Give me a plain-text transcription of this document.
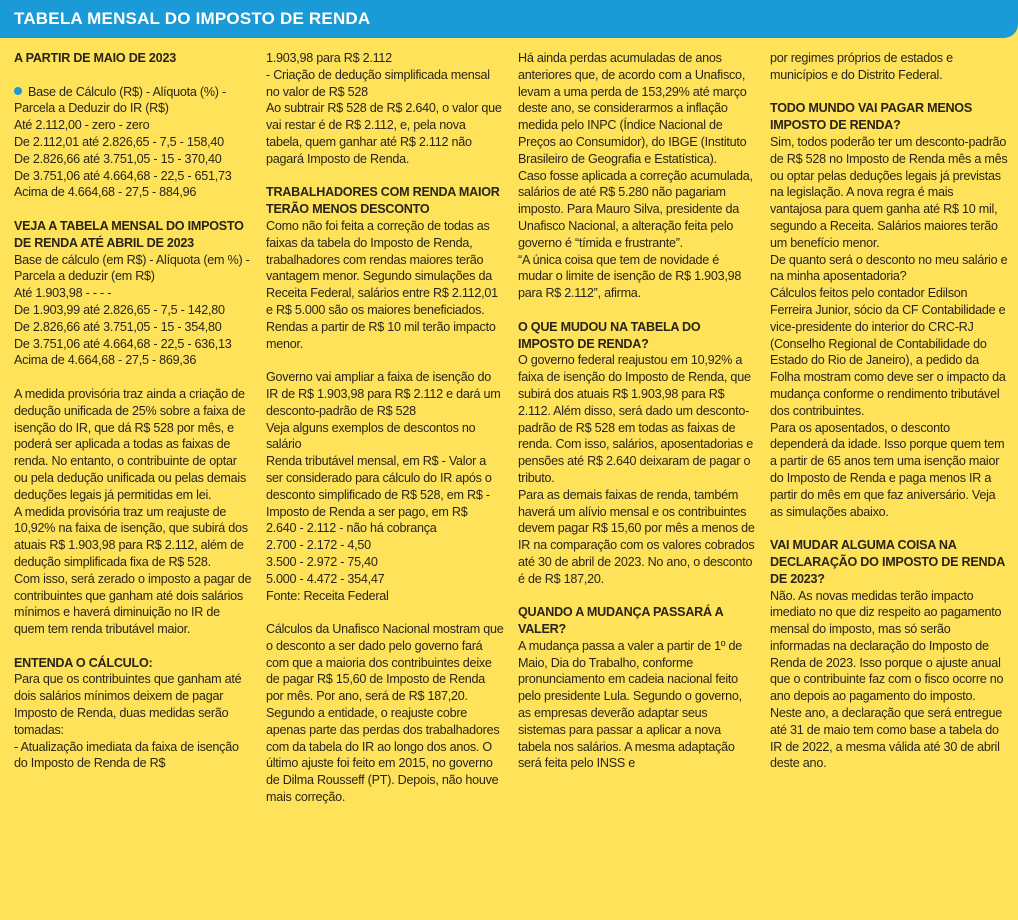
TABELA MENSAL DO IMPOSTO DE RENDA

A PARTIR DE MAIO DE 2023

Base de Cálculo (R$) - Alíquota (%) - Parcela a Deduzir do IR (R$)

Até 2.112,00 - zero - zero

De 2.112,01 até 2.826,65 - 7,5 - 158,40

De 2.826,66 até 3.751,05 - 15 - 370,40

De 3.751,06 até 4.664,68 - 22,5 - 651,73

Acima de 4.664,68 - 27,5 - 884,96

VEJA A TABELA MENSAL DO IMPOSTO DE RENDA ATÉ ABRIL DE 2023

Base de cálculo (em R$) - Alíquota (em %) - Parcela a deduzir (em R$)

Até 1.903,98 - - - -

De 1.903,99 até 2.826,65 - 7,5 - 142,80

De 2.826,66 até 3.751,05 - 15 - 354,80

De 3.751,06 até 4.664,68 - 22,5 - 636,13

Acima de 4.664,68 - 27,5 - 869,36

A medida provisória traz ainda a criação de dedução unificada de 25% sobre a faixa de isenção do IR, que dá R$ 528 por mês, e poderá ser aplicada a todas as faixas de renda. No entanto, o contribuinte de optar ou pela dedução unificada ou pelas demais deduções legais já permitidas em lei.

A medida provisória traz um reajuste de 10,92% na faixa de isenção, que subirá dos atuais R$ 1.903,98 para R$ 2.112, além de dedução simplificada fixa de R$ 528.

Com isso, será zerado o imposto a pagar de contribuintes que ganham até dois salários mínimos e haverá diminuição no IR de quem tem renda tributável maior.

ENTENDA O CÁLCULO:

Para que os contribuintes que ganham até dois salários mínimos deixem de pagar Imposto de Renda, duas medidas serão tomadas:

- Atualização imediata da faixa de isenção do Imposto de Renda de R$

1.903,98 para R$ 2.112

- Criação de dedução simplificada mensal no valor de R$ 528

Ao subtrair R$ 528 de R$ 2.640, o valor que vai restar é de R$ 2.112, e, pela nova tabela, quem ganhar até R$ 2.112 não pagará Imposto de Renda.

TRABALHADORES COM RENDA MAIOR TERÃO MENOS DESCONTO

Como não foi feita a correção de todas as faixas da tabela do Imposto de Renda, trabalhadores com rendas maiores terão vantagem menor. Segundo simulações da Receita Federal, salários entre R$ 2.112,01 e R$ 5.000 são os maiores beneficiados. Rendas a partir de R$ 10 mil terão impacto menor.

Governo vai ampliar a faixa de isenção do IR de R$ 1.903,98 para R$ 2.112 e dará um desconto-padrão de R$ 528

Veja alguns exemplos de descontos no salário

Renda tributável mensal, em R$ - Valor a ser considerado para cálculo do IR após o desconto simplificado de R$ 528, em R$ - Imposto de Renda a ser pago, em R$

2.640 - 2.112 - não há cobrança

2.700 - 2.172 - 4,50

3.500 - 2.972 - 75,40

5.000 - 4.472 - 354,47

Fonte: Receita Federal

Cálculos da Unafisco Nacional mostram que o desconto a ser dado pelo governo fará com que a maioria dos contribuintes deixe de pagar R$ 15,60 de Imposto de Renda por mês. Por ano, será de R$ 187,20.

Segundo a entidade, o reajuste cobre apenas parte das perdas dos trabalhadores com da tabela do IR ao longo dos anos. O último ajuste foi feito em 2015, no governo de Dilma Rousseff (PT). Depois, não houve mais correção.

Há ainda perdas acumuladas de anos anteriores que, de acordo com a Unafisco, levam a uma perda de 153,29% até março deste ano, se considerarmos a inflação medida pelo INPC (Índice Nacional de Preços ao Consumidor), do IBGE (Instituto Brasileiro de Geografia e Estatística).

Caso fosse aplicada a correção acumulada, salários de até R$ 5.280 não pagariam imposto. Para Mauro Silva, presidente da Unafisco Nacional, a alteração feita pelo governo é “tímida e frustrante”.

“A única coisa que tem de novidade é mudar o limite de isenção de R$ 1.903,98 para R$ 2.112”, afirma.

O QUE MUDOU NA TABELA DO IMPOSTO DE RENDA?

O governo federal reajustou em 10,92% a faixa de isenção do Imposto de Renda, que subirá dos atuais R$ 1.903,98 para R$ 2.112. Além disso, será dado um desconto-padrão de R$ 528 em todas as faixas de renda. Com isso, salários, aposentadorias e pensões até R$ 2.640 deixaram de pagar o tributo.

Para as demais faixas de renda, também haverá um alívio mensal e os contribuintes devem pagar R$ 15,60 por mês a menos de IR na comparação com os valores cobrados até 30 de abril de 2023. No ano, o desconto é de R$ 187,20.

QUANDO A MUDANÇA PASSARÁ A VALER?

A mudança passa a valer a partir de 1º de Maio, Dia do Trabalho, conforme pronunciamento em cadeia nacional feito pelo presidente Lula. Segundo o governo, as empresas deverão adaptar seus sistemas para passar a aplicar a nova tabela nos salários. A mesma adaptação será feita pelo INSS e

por regimes próprios de estados e municípios e do Distrito Federal.

TODO MUNDO VAI PAGAR MENOS IMPOSTO DE RENDA?

Sim, todos poderão ter um desconto-padrão de R$ 528 no Imposto de Renda mês a mês ou optar pelas deduções legais já previstas na legislação. A nova regra é mais vantajosa para quem ganha até R$ 10 mil, segundo a Receita. Salários maiores terão um benefício menor.

De quanto será o desconto no meu salário e na minha aposentadoria?

Cálculos feitos pelo contador Edilson Ferreira Junior, sócio da CF Contabilidade e vice-presidente do interior do CRC-RJ (Conselho Regional de Contabilidade do Estado do Rio de Janeiro), a pedido da Folha mostram como deve ser o impacto da mudança conforme o rendimento tributável dos contribuintes.

Para os aposentados, o desconto dependerá da idade. Isso porque quem tem a partir de 65 anos tem uma isenção maior do Imposto de Renda e paga menos IR a partir do mês em que faz aniversário. Veja as simulações abaixo.

VAI MUDAR ALGUMA COISA NA DECLARAÇÃO DO IMPOSTO DE RENDA DE 2023?

Não. As novas medidas terão impacto imediato no que diz respeito ao pagamento mensal do imposto, mas só serão informadas na declaração do Imposto de Renda de 2023. Isso porque o ajuste anual que o contribuinte faz com o fisco ocorre no ano depois ao pagamento do imposto.

Neste ano, a declaração que será entregue até 31 de maio tem como base a tabela do IR de 2022, a mesma válida até 30 de abril deste ano.
